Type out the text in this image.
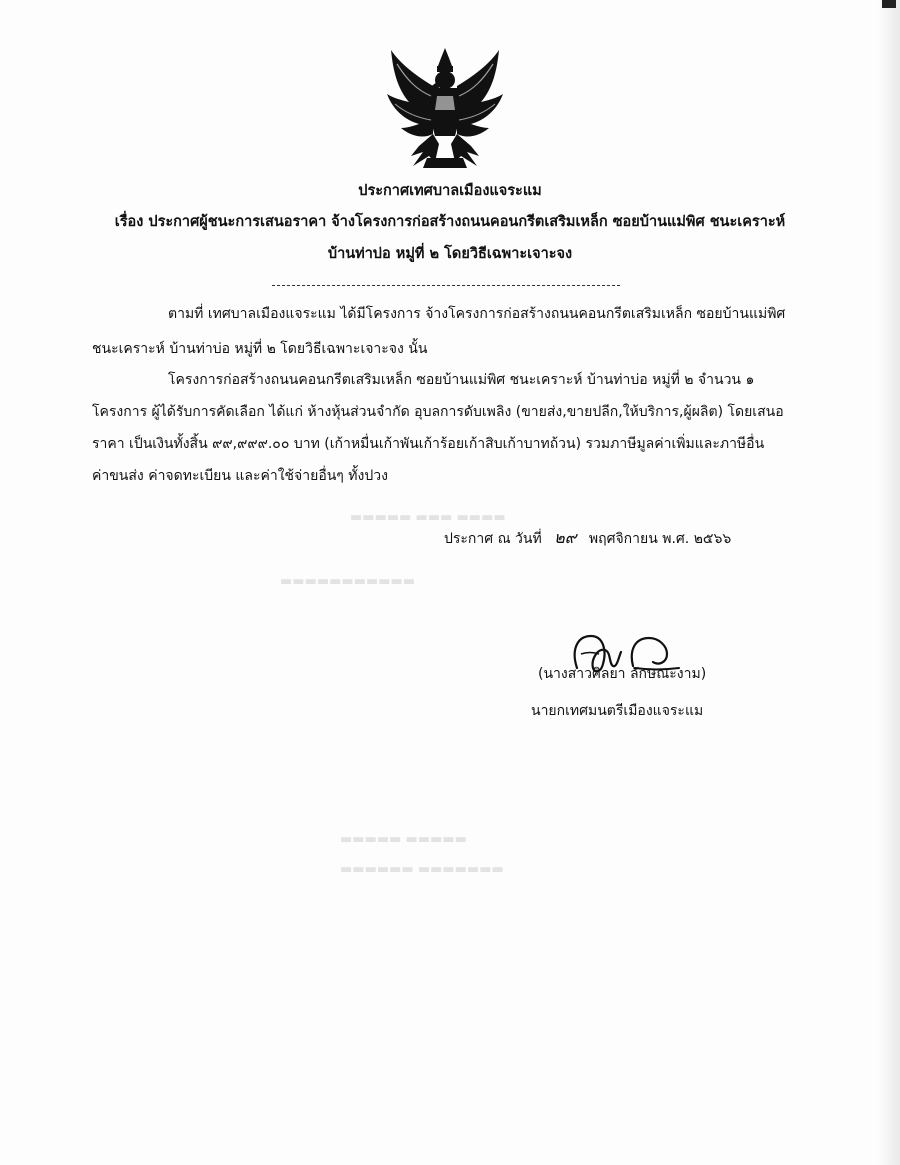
ประกาศเทศบาลเมืองแจระแม
เรื่อง ประกาศผู้ชนะการเสนอราคา จ้างโครงการก่อสร้างถนนคอนกรีตเสริมเหล็ก ซอยบ้านแม่พิศ ชนะเคราะห์
บ้านท่าบ่อ หมู่ที่ ๒ โดยวิธีเฉพาะเจาะจง
ตามที่ เทศบาลเมืองแจระแม ได้มีโครงการ จ้างโครงการก่อสร้างถนนคอนกรีตเสริมเหล็ก ซอยบ้านแม่พิศ
ชนะเคราะห์ บ้านท่าบ่อ หมู่ที่ ๒ โดยวิธีเฉพาะเจาะจง นั้น
โครงการก่อสร้างถนนคอนกรีตเสริมเหล็ก ซอยบ้านแม่พิศ ชนะเคราะห์ บ้านท่าบ่อ หมู่ที่ ๒ จำนวน ๑
โครงการ ผู้ได้รับการคัดเลือก ได้แก่ ห้างหุ้นส่วนจำกัด อุบลการดับเพลิง (ขายส่ง,ขายปลีก,ให้บริการ,ผู้ผลิต) โดยเสนอ
ราคา เป็นเงินทั้งสิ้น ๙๙,๙๙๙.๐๐ บาท (เก้าหมื่นเก้าพันเก้าร้อยเก้าสิบเก้าบาทถ้วน) รวมภาษีมูลค่าเพิ่มและภาษีอื่น
ค่าขนส่ง ค่าจดทะเบียน และค่าใช้จ่ายอื่นๆ ทั้งปวง
▬▬▬▬▬ ▬▬▬ ▬▬▬▬
▬▬▬▬▬▬▬▬▬▬▬
▬▬▬▬▬ ▬▬▬▬▬
▬▬▬▬▬▬ ▬▬▬▬▬▬▬
ประกาศ ณ วันที่ ๒๙ พฤศจิกายน พ.ศ. ๒๕๖๖
(นางสาวศิลยา ลักษณะงาม)
นายกเทศมนตรีเมืองแจระแม
